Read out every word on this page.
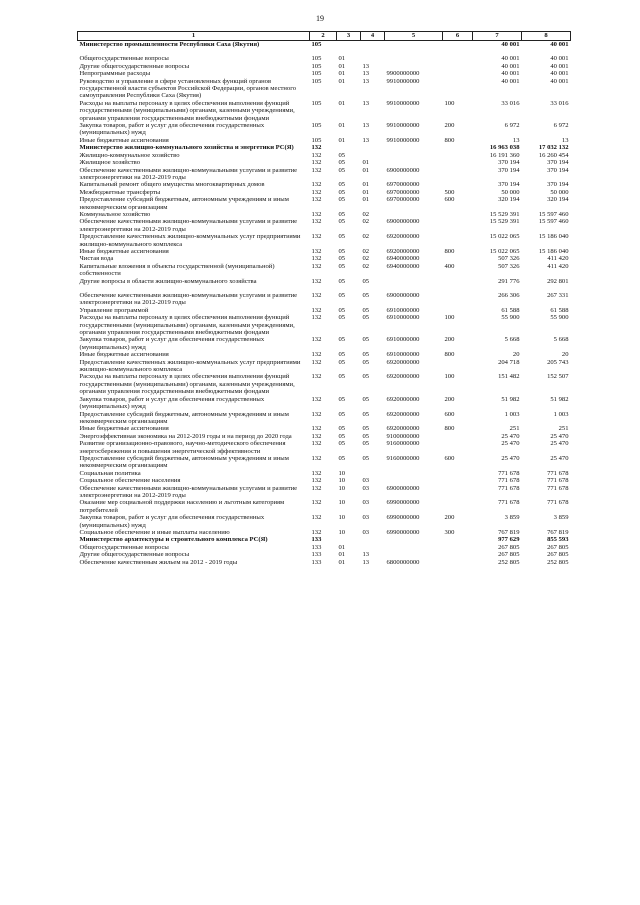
19
1	2	3	4	5	6	7	8
Министерство промышленности Республики Саха (Якутия)	105					40 001	40 001

Общегосударственные вопросы	105	01				40 001	40 001
Другие общегосударственные вопросы	105	01	13			40 001	40 001
Непрограммные расходы	105	01	13	9900000000		40 001	40 001
Руководство и управление в сфере установленных функций органов государственной власти субъектов Российской Федерации, органов местного самоуправления Республики Саха (Якутия)	105	01	13	9910000000		40 001	40 001
Расходы на выплаты персоналу в целях обеспечения выполнения функций государственными (муниципальными) органами, казенными учреждениями, органами управления государственными внебюджетными фондами	105	01	13	9910000000	100	33 016	33 016
Закупка товаров, работ и услуг для обеспечения государственных (муниципальных) нужд	105	01	13	9910000000	200	6 972	6 972
Иные бюджетные ассигнования	105	01	13	9910000000	800	13	13
Министерство жилищно-коммунального хозяйства и энергетики РС(Я)	132					16 963 038	17 032 132
Жилищно-коммунальное хозяйство	132	05				16 191 360	16 260 454
Жилищное хозяйство	132	05	01			370 194	370 194
Обеспечение качественными жилищно-коммунальными услугами и развитие электроэнергетики на 2012-2019 годы	132	05	01	6900000000		370 194	370 194
Капитальный ремонт общего имущества многоквартирных домов	132	05	01	6970000000		370 194	370 194
Межбюджетные трансферты	132	05	01	6970000000	500	50 000	50 000
Предоставление субсидий бюджетным, автономным учреждениям и иным некоммерческим организациям	132	05	01	6970000000	600	320 194	320 194
Коммунальное хозяйство	132	05	02			15 529 391	15 597 460
Обеспечение качественными жилищно-коммунальными услугами и развитие электроэнергетики на 2012-2019 годы	132	05	02	6900000000		15 529 391	15 597 460
Предоставление качественных жилищно-коммунальных услуг предприятиями жилищно-коммунального комплекса	132	05	02	6920000000		15 022 065	15 186 040
Иные бюджетные ассигнования	132	05	02	6920000000	800	15 022 065	15 186 040
Чистая вода	132	05	02	6940000000		507 326	411 420
Капитальные вложения в объекты государственной (муниципальной) собственности	132	05	02	6940000000	400	507 326	411 420
Другие вопросы в области жилищно-коммунального хозяйства	132	05	05			291 776	292 801

Обеспечение качественными жилищно-коммунальными услугами и развитие электроэнергетики на 2012-2019 годы	132	05	05	6900000000		266 306	267 331
Управление программой	132	05	05	6910000000		61 588	61 588
Расходы на выплаты персоналу в целях обеспечения выполнения функций государственными (муниципальными) органами, казенными учреждениями, органами управления государственными внебюджетными фондами	132	05	05	6910000000	100	55 900	55 900
Закупка товаров, работ и услуг для обеспечения государственных (муниципальных) нужд	132	05	05	6910000000	200	5 668	5 668
Иные бюджетные ассигнования	132	05	05	6910000000	800	20	20
Предоставление качественных жилищно-коммунальных услуг предприятиями жилищно-коммунального комплекса	132	05	05	6920000000		204 718	205 743
Расходы на выплаты персоналу в целях обеспечения выполнения функций государственными (муниципальными) органами, казенными учреждениями, органами управления государственными внебюджетными фондами	132	05	05	6920000000	100	151 482	152 507
Закупка товаров, работ и услуг для обеспечения государственных (муниципальных) нужд	132	05	05	6920000000	200	51 982	51 982
Предоставление субсидий бюджетным, автономным учреждениям и иным некоммерческим организациям	132	05	05	6920000000	600	1 003	1 003
Иные бюджетные ассигнования	132	05	05	6920000000	800	251	251
Энергоэффективная экономика на 2012-2019 годы и на период до 2020 года	132	05	05	9100000000		25 470	25 470
Развитие организационно-правового, научно-методического обеспечения энергосбережения и повышения энергетической эффективности	132	05	05	9160000000		25 470	25 470
Предоставление субсидий бюджетным, автономным учреждениям и иным некоммерческим организациям	132	05	05	9160000000	600	25 470	25 470
Социальная политика	132	10				771 678	771 678
Социальное обеспечение населения	132	10	03			771 678	771 678
Обеспечение качественными жилищно-коммунальными услугами и развитие электроэнергетики на 2012-2019 годы	132	10	03	6900000000		771 678	771 678
Оказание мер социальной поддержки населению и льготным категориям потребителей	132	10	03	6990000000		771 678	771 678
Закупка товаров, работ и услуг для обеспечения государственных (муниципальных) нужд	132	10	03	6990000000	200	3 859	3 859
Социальное обеспечение и иные выплаты населению	132	10	03	6990000000	300	767 819	767 819
Министерство архитектуры и строительного комплекса РС(Я)	133					977 629	855 593
Общегосударственные вопросы	133	01				267 805	267 805
Другие общегосударственные вопросы	133	01	13			267 805	267 805
Обеспечение качественным жильем на 2012 - 2019 годы	133	01	13	6800000000		252 805	252 805
